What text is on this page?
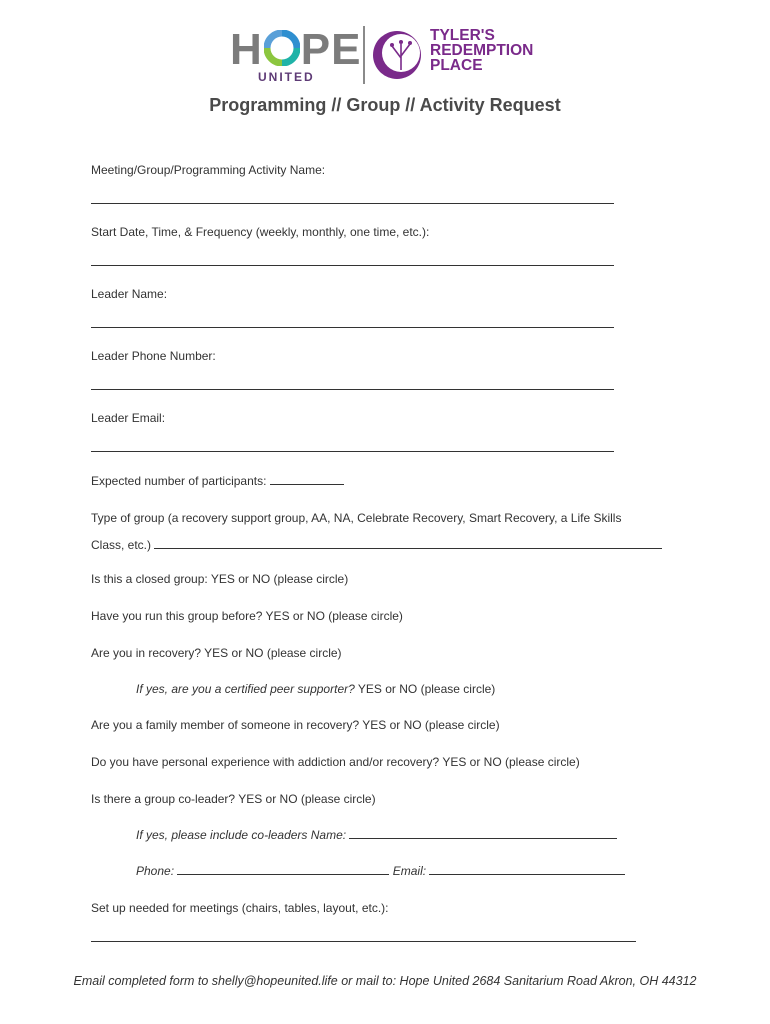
H PE
UNITED
TYLER'S
REDEMPTION
PLACE
Programming // Group // Activity Request
Meeting/Group/Programming Activity Name:
Start Date, Time, & Frequency (weekly, monthly, one time, etc.):
Leader Name:
Leader Phone Number:
Leader Email:
Expected number of participants:
Type of group (a recovery support group, AA, NA, Celebrate Recovery, Smart Recovery, a Life Skills
Class, etc.)
Is this a closed group: YES or NO (please circle)
Have you run this group before? YES or NO (please circle)
Are you in recovery? YES or NO (please circle)
If yes, are you a certified peer supporter? YES or NO (please circle)
Are you a family member of someone in recovery? YES or NO (please circle)
Do you have personal experience with addiction and/or recovery? YES or NO (please circle)
Is there a group co-leader? YES or NO (please circle)
If yes, please include co-leaders Name:
Phone:	Email:
Set up needed for meetings (chairs, tables, layout, etc.):
Email completed form to shelly@hopeunited.life or mail to: Hope United 2684 Sanitarium Road Akron, OH 44312
